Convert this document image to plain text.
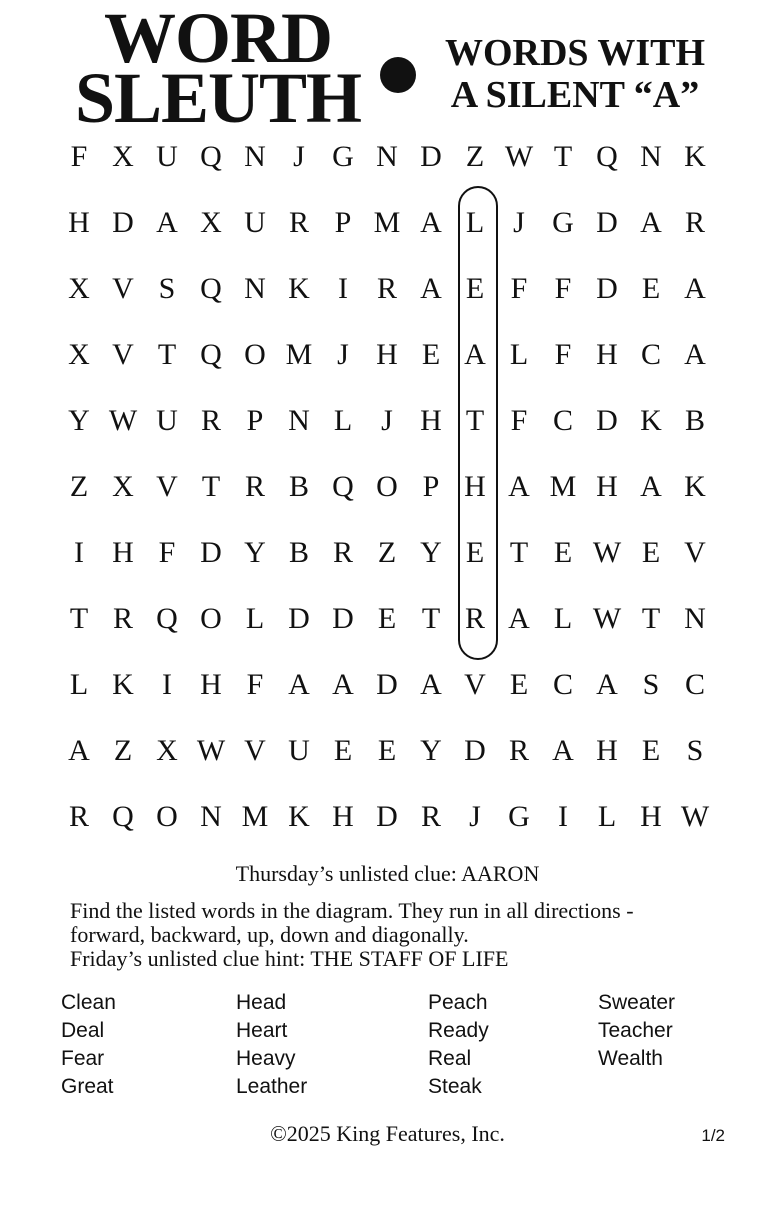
WORD
SLEUTH
WORDS WITH
A SILENT “A”
F X U Q N J G N D Z W T Q N K
H D A X U R P M A L J G D A R
X V S Q N K I R A E F F D E A
X V T Q O M J H E A L F H C A
Y W U R P N L J H T F C D K B
Z X V T R B Q O P H A M H A K
I H F D Y B R Z Y E T E W E V
T R Q O L D D E T R A L W T N
L K I H F A A D A V E C A S C
A Z X W V U E E Y D R A H E S
R Q O N M K H D R J G I L H W
Thursday’s unlisted clue: AARON
Find the listed words in the diagram. They run in all directions -
forward, backward, up, down and diagonally.
Friday’s unlisted clue hint: THE STAFF OF LIFE
Clean
Deal
Fear
Great
Head
Heart
Heavy
Leather
Peach
Ready
Real
Steak
Sweater
Teacher
Wealth
©2025 King Features, Inc.	1/2
